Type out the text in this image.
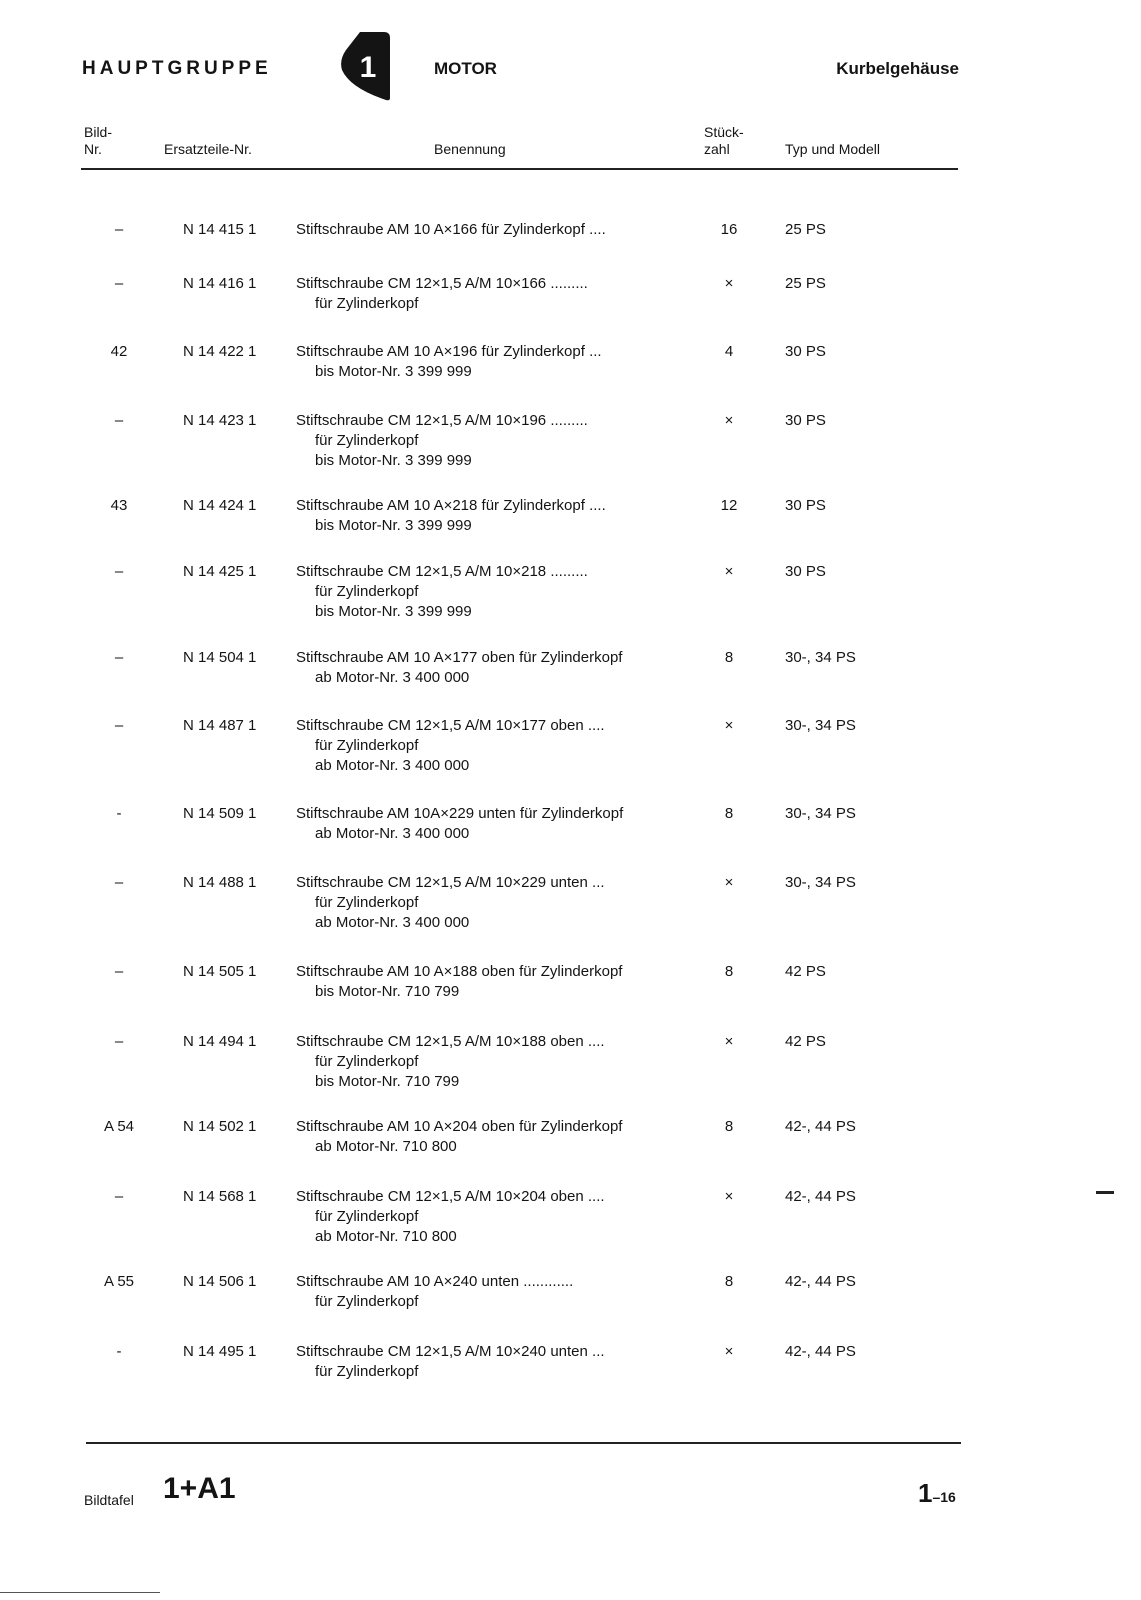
HAUPTGRUPPE	1	MOTOR	Kurbelgehäuse
Bild-
Nr.	Ersatzteile-Nr.	Benennung
Stück-
zahl	Typ und Modell
–	N 14 415 1	Stiftschraube AM 10 A×166 für Zylinderkopf ....	16	25 PS
–	N 14 416 1	Stiftschraube CM 12×1,5 A/M 10×166 .........
für Zylinderkopf
×	25 PS
42	N 14 422 1	Stiftschraube AM 10 A×196 für Zylinderkopf ...
bis Motor-Nr. 3 399 999
4	30 PS
–	N 14 423 1	Stiftschraube CM 12×1,5 A/M 10×196 .........
für Zylinderkopf
bis Motor-Nr. 3 399 999
×	30 PS
43	N 14 424 1	Stiftschraube AM 10 A×218 für Zylinderkopf ....
bis Motor-Nr. 3 399 999
12	30 PS
–	N 14 425 1	Stiftschraube CM 12×1,5 A/M 10×218 .........
für Zylinderkopf
bis Motor-Nr. 3 399 999
×	30 PS
–	N 14 504 1	Stiftschraube AM 10 A×177 oben für Zylinderkopf
ab Motor-Nr. 3 400 000
8	30-, 34 PS
–	N 14 487 1	Stiftschraube CM 12×1,5 A/M 10×177 oben ....
für Zylinderkopf
ab Motor-Nr. 3 400 000
×	30-, 34 PS
-	N 14 509 1	Stiftschraube AM 10A×229 unten für Zylinderkopf
ab Motor-Nr. 3 400 000
8	30-, 34 PS
–	N 14 488 1	Stiftschraube CM 12×1,5 A/M 10×229 unten ...
für Zylinderkopf
ab Motor-Nr. 3 400 000
×	30-, 34 PS
–	N 14 505 1	Stiftschraube AM 10 A×188 oben für Zylinderkopf
bis Motor-Nr. 710 799
8	42 PS
–	N 14 494 1	Stiftschraube CM 12×1,5 A/M 10×188 oben ....
für Zylinderkopf
bis Motor-Nr. 710 799
×	42 PS
A 54	N 14 502 1	Stiftschraube AM 10 A×204 oben für Zylinderkopf
ab Motor-Nr. 710 800
8	42-, 44 PS
–	N 14 568 1	Stiftschraube CM 12×1,5 A/M 10×204 oben ....
für Zylinderkopf
ab Motor-Nr. 710 800
×	42-, 44 PS
A 55	N 14 506 1	Stiftschraube AM 10 A×240 unten ............
für Zylinderkopf
8	42-, 44 PS
-	N 14 495 1	Stiftschraube CM 12×1,5 A/M 10×240 unten ...
für Zylinderkopf
×	42-, 44 PS
Bildtafel 1+A1	1–16
